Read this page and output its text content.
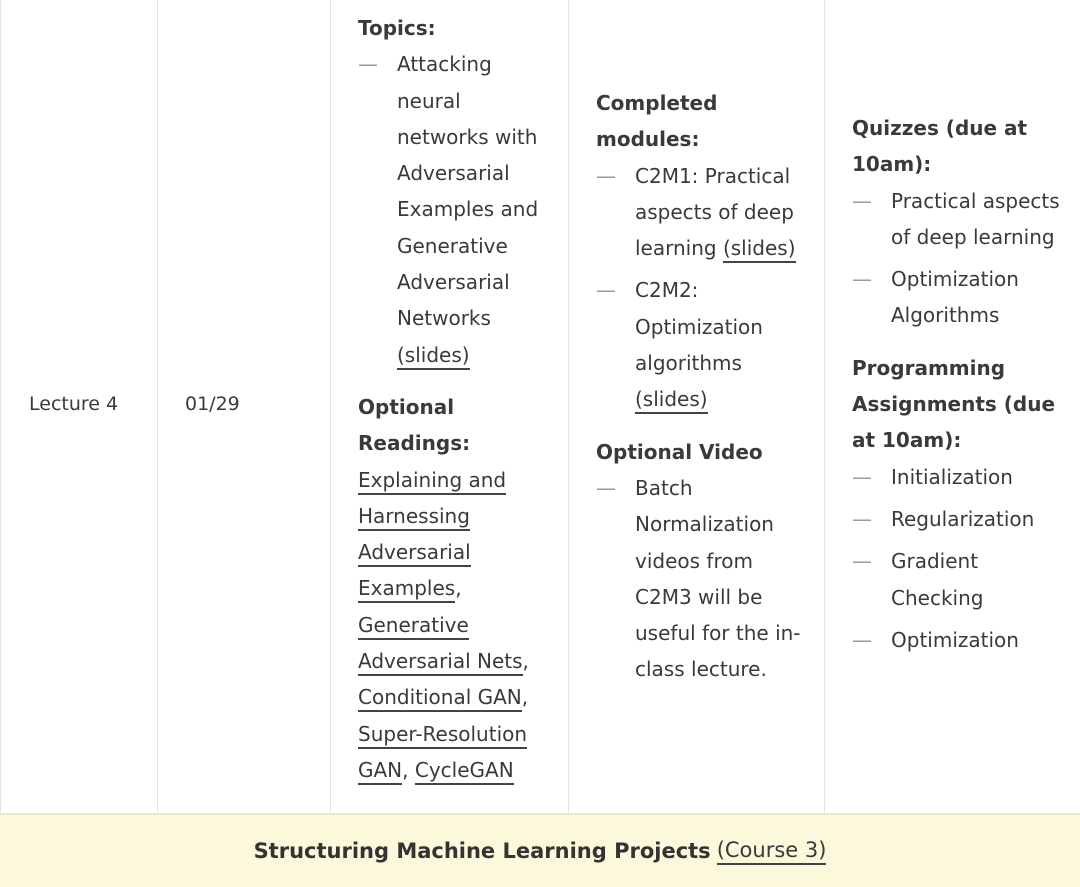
Lecture 4	01/29
Topics:
— Attacking neural networks with Adversarial Examples and Generative Adversarial Networks (slides)
Optional Readings:
Explaining and Harnessing Adversarial Examples, Generative Adversarial Nets, Conditional GAN, Super-Resolution GAN, CycleGAN
Completed modules:
— C2M1: Practical aspects of deep learning (slides)
— C2M2: Optimization algorithms (slides)
Optional Video
— Batch Normalization videos from C2M3 will be useful for the in-class lecture.
Quizzes (due at 10am):
— Practical aspects of deep learning
— Optimization Algorithms
Programming Assignments (due at 10am):
— Initialization
— Regularization
— Gradient Checking
— Optimization
Structuring Machine Learning Projects (Course 3)
